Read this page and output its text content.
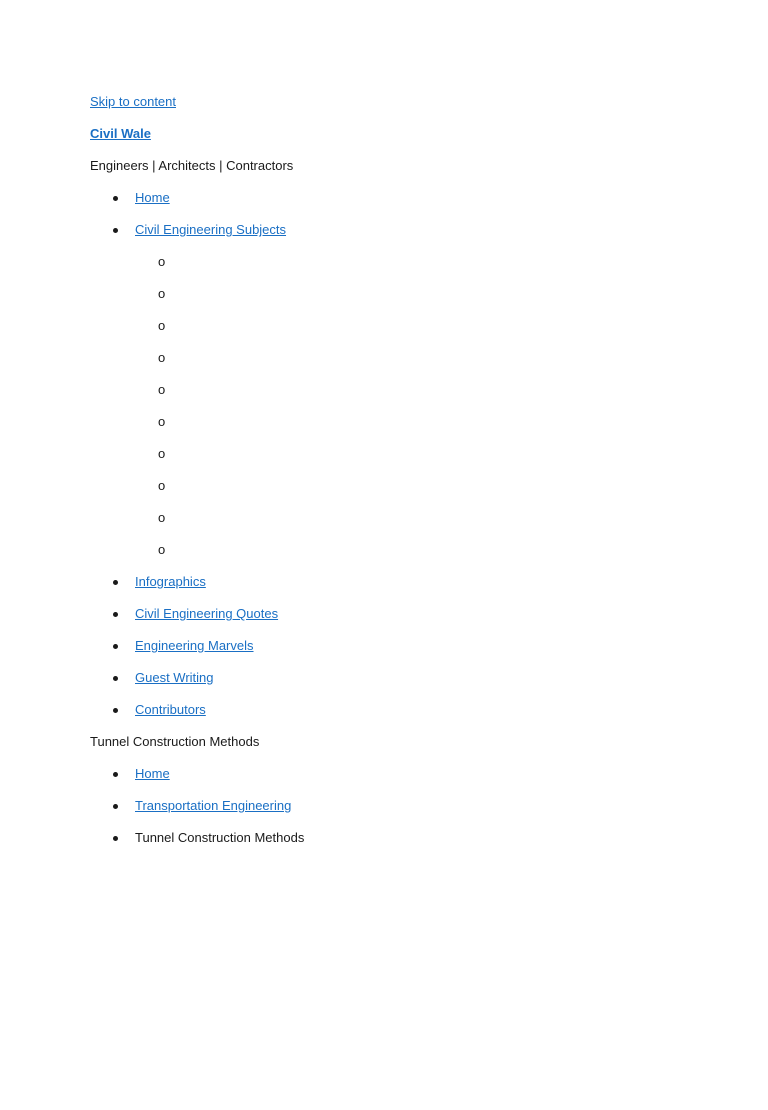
Skip to content
Civil Wale
Engineers | Architects | Contractors
Home
Civil Engineering Subjects
o
o
o
o
o
o
o
o
o
o
Infographics
Civil Engineering Quotes
Engineering Marvels
Guest Writing
Contributors
Tunnel Construction Methods
Home
Transportation Engineering
Tunnel Construction Methods
